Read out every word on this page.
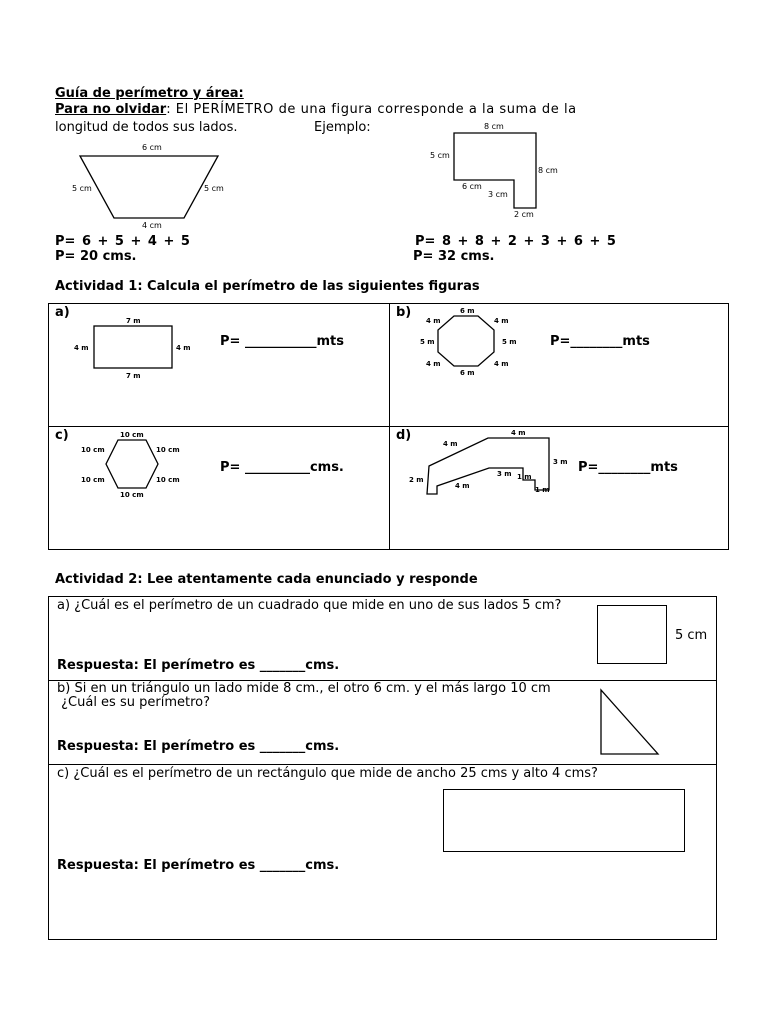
Guía de perímetro y área:
Para no olvidar: El PERÍMETRO de una figura corresponde a la suma de la
longitud de todos sus lados.	Ejemplo:
6 cm
5 cm	5 cm
4 cm
P= 6 + 5 + 4 + 5
P= 20 cms.
8 cm
5 cm
8 cm
6 cm
3 cm
2 cm
P= 8 + 8 + 2 + 3 + 6 + 5
P= 32 cms.
Actividad 1: Calcula el perímetro de las siguientes figuras
a)
7 m
4 m	4 m
7 m
P= ___________mts
b)	6 m
4 m	4 m
5 m	5 m
4 m	4 m
6 m
P=________mts
c)	10 cm
10 cm	10 cm
10 cm	10 cm
10 cm
P= __________cms.
d)	4 m
4 m
3 m
2 m
4 m
3 m 1 m
1 m
P=________mts
Actividad 2: Lee atentamente cada enunciado y responde
a) ¿Cuál es el perímetro de un cuadrado que mide en uno de sus lados 5 cm?
5 cm
Respuesta: El perímetro es _______cms.
b) Si en un triángulo un lado mide 8 cm., el otro 6 cm. y el más largo 10 cm
¿Cuál es su perímetro?
Respuesta: El perímetro es _______cms.
c) ¿Cuál es el perímetro de un rectángulo que mide de ancho 25 cms y alto 4 cms?
Respuesta: El perímetro es _______cms.
